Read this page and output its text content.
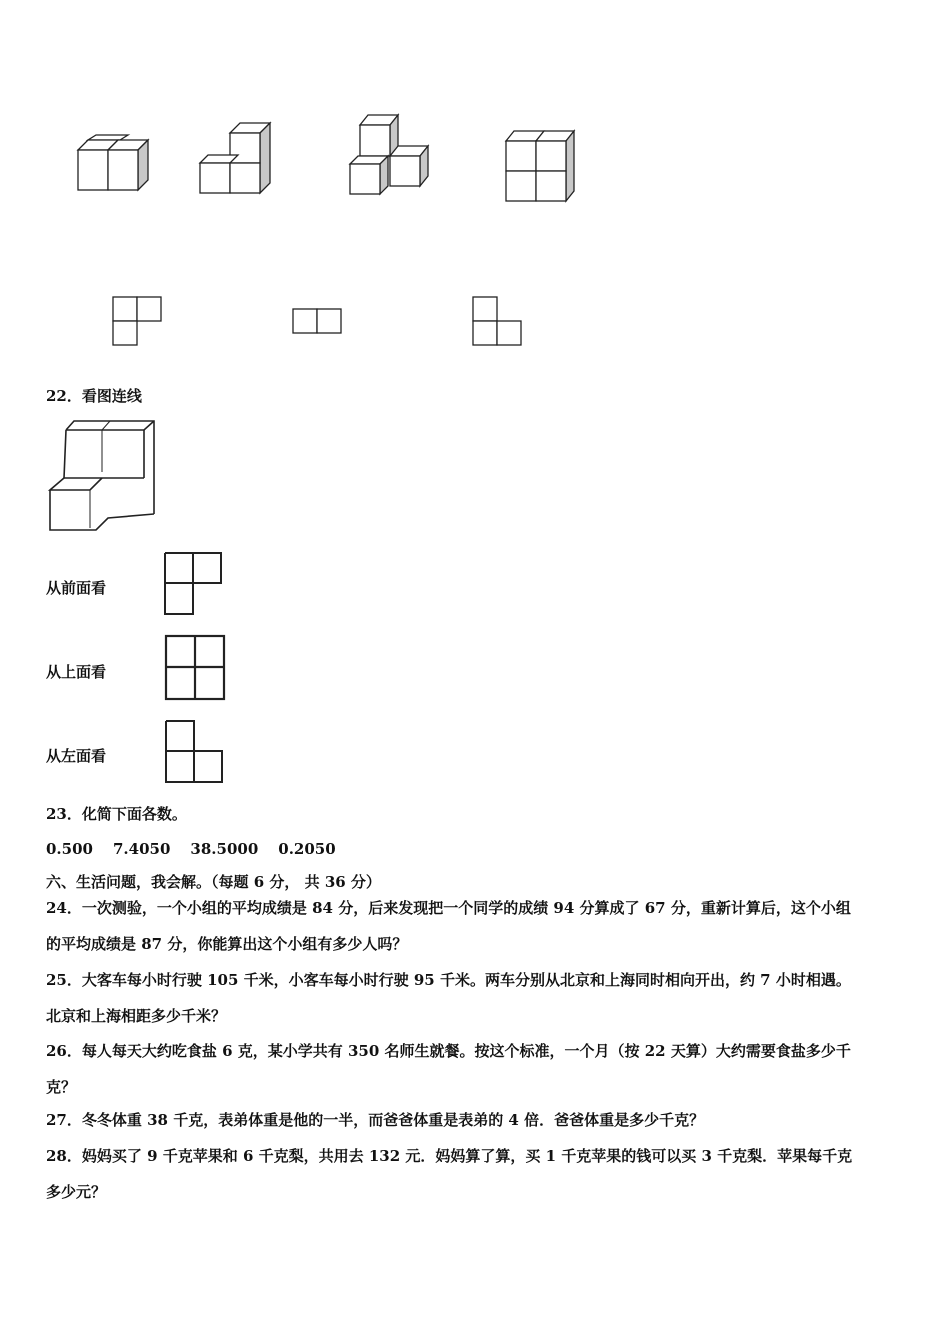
22．看图连线
从前面看
从上面看
从左面看
23．化简下面各数。
0.500 7.4050 38.5000 0.2050
六、生活问题，我会解。（每题 6 分， 共 36 分）
24．一次测验，一个小组的平均成绩是 84 分，后来发现把一个同学的成绩 94 分算成了 67 分，重新计算后，这个小组
的平均成绩是 87 分，你能算出这个小组有多少人吗？
25．大客车每小时行驶 105 千米，小客车每小时行驶 95 千米。两车分别从北京和上海同时相向开出，约 7 小时相遇。
北京和上海相距多少千米？
26．每人每天大约吃食盐 6 克，某小学共有 350 名师生就餐。按这个标准，一个月（按 22 天算）大约需要食盐多少千
克？
27．冬冬体重 38 千克，表弟体重是他的一半，而爸爸体重是表弟的 4 倍．爸爸体重是多少千克？
28．妈妈买了 9 千克苹果和 6 千克梨，共用去 132 元．妈妈算了算，买 1 千克苹果的钱可以买 3 千克梨．苹果每千克
多少元？
